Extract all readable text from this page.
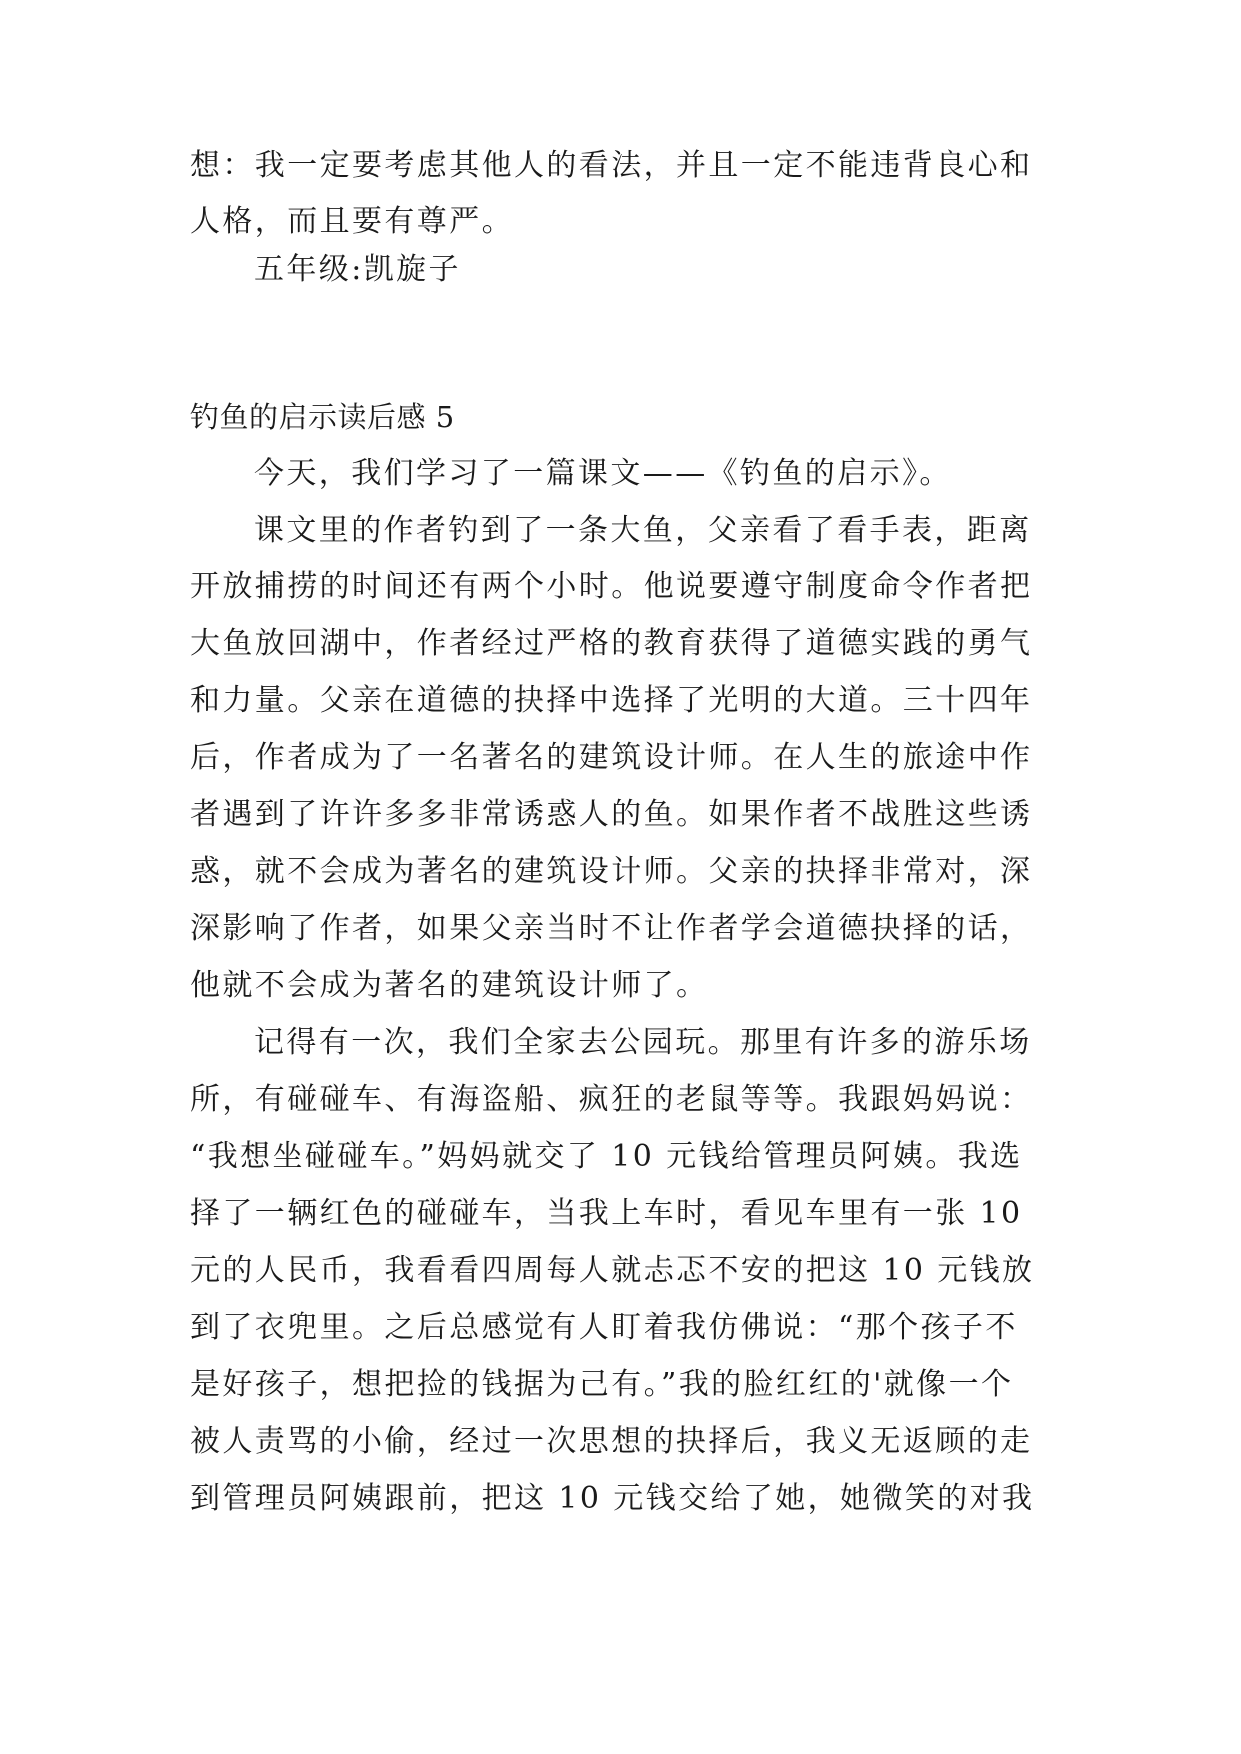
想：我一定要考虑其他人的看法，并且一定不能违背良心和

人格，而且要有尊严。

五年级:凯旋子

钓鱼的启示读后感 5

今天，我们学习了一篇课文——《钓鱼的启示》。

课文里的作者钓到了一条大鱼，父亲看了看手表，距离

开放捕捞的时间还有两个小时。他说要遵守制度命令作者把

大鱼放回湖中，作者经过严格的教育获得了道德实践的勇气

和力量。父亲在道德的抉择中选择了光明的大道。三十四年

后，作者成为了一名著名的建筑设计师。在人生的旅途中作

者遇到了许许多多非常诱惑人的鱼。如果作者不战胜这些诱

惑，就不会成为著名的建筑设计师。父亲的抉择非常对，深

深影响了作者，如果父亲当时不让作者学会道德抉择的话，

他就不会成为著名的建筑设计师了。

记得有一次，我们全家去公园玩。那里有许多的游乐场

所，有碰碰车、有海盗船、疯狂的老鼠等等。我跟妈妈说：

“我想坐碰碰车。”妈妈就交了 10 元钱给管理员阿姨。我选

择了一辆红色的碰碰车，当我上车时，看见车里有一张 10

元的人民币，我看看四周每人就忐忑不安的把这 10 元钱放

到了衣兜里。之后总感觉有人盯着我仿佛说：“那个孩子不

是好孩子，想把捡的钱据为己有。”我的脸红红的'就像一个

被人责骂的小偷，经过一次思想的抉择后，我义无返顾的走

到管理员阿姨跟前，把这 10 元钱交给了她，她微笑的对我
